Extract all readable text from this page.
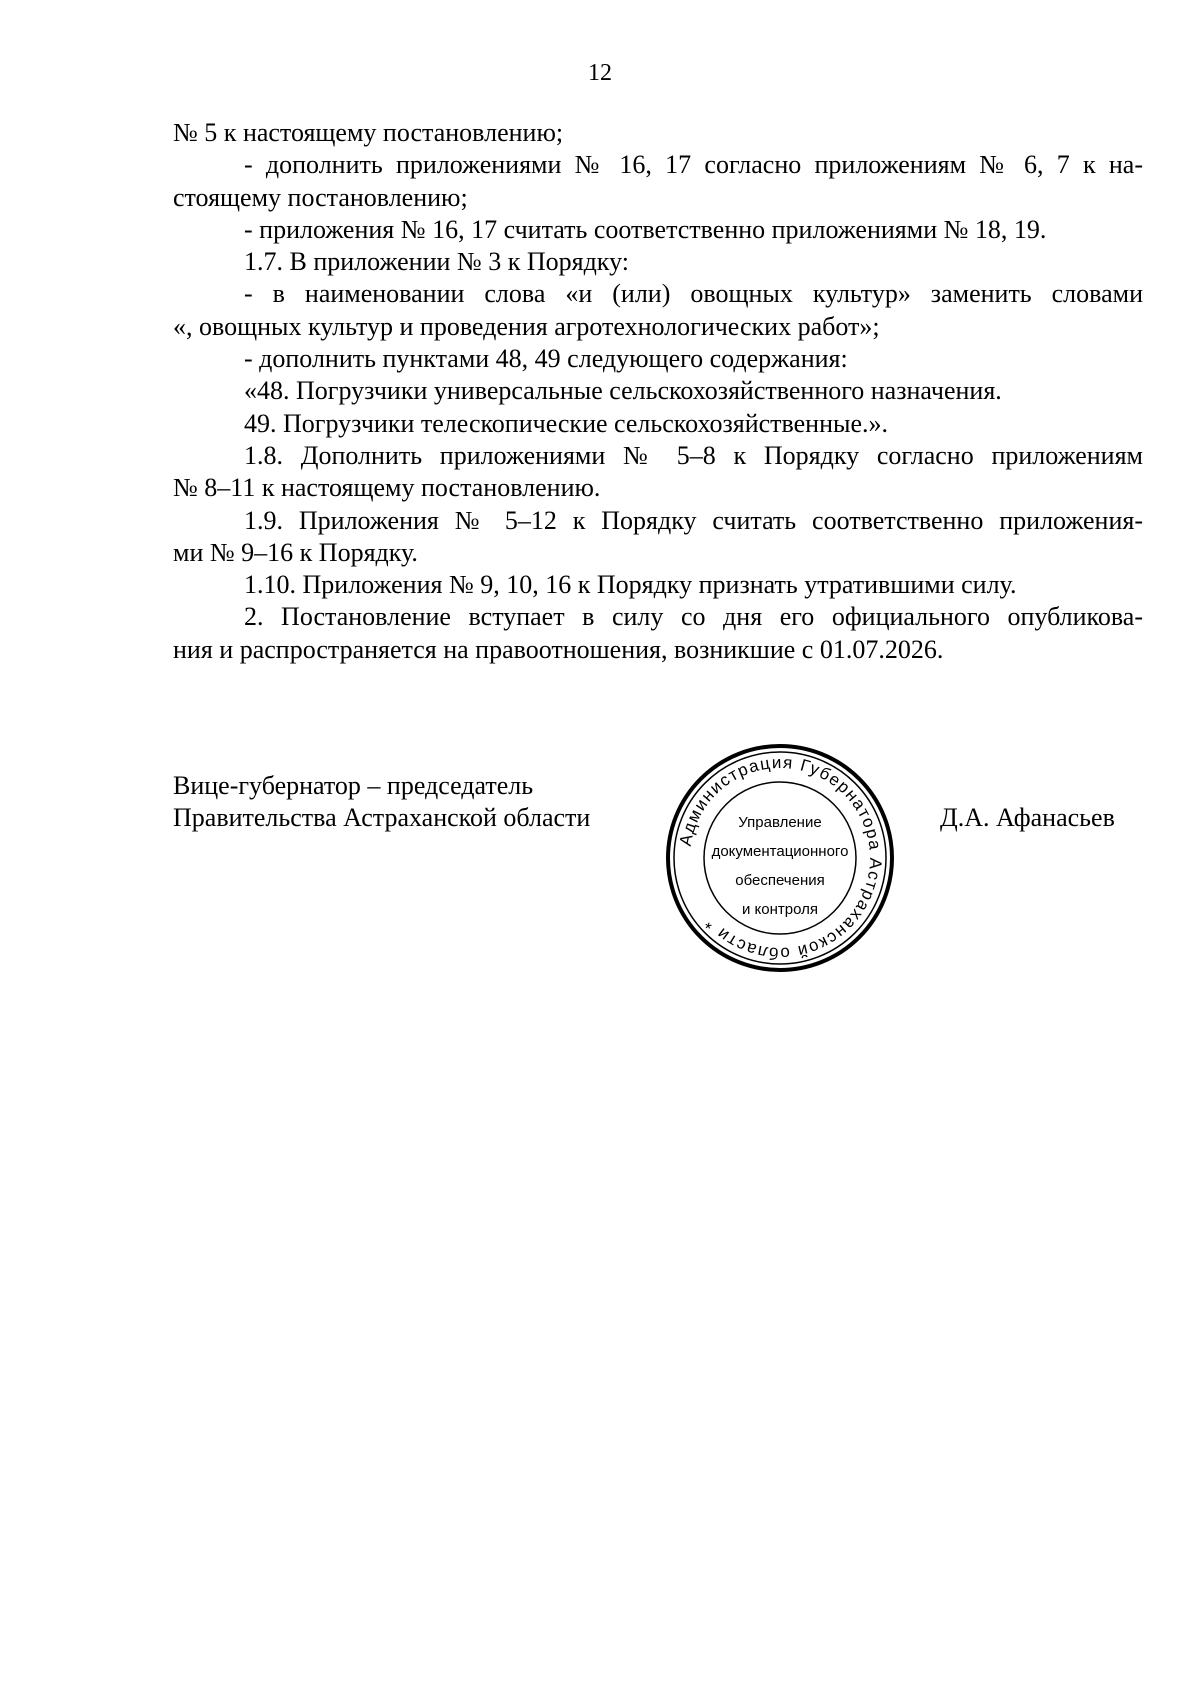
12
№ 5 к настоящему постановлению;
- дополнить приложениями № 16, 17 согласно приложениям № 6, 7 к на-
стоящему постановлению;
- приложения № 16, 17 считать соответственно приложениями № 18, 19.
1.7. В приложении № 3 к Порядку:
- в наименовании слова «и (или) овощных культур» заменить словами
«, овощных культур и проведения агротехнологических работ»;
- дополнить пунктами 48, 49 следующего содержания:
«48. Погрузчики универсальные сельскохозяйственного назначения.
49. Погрузчики телескопические сельскохозяйственные.».
1.8. Дополнить приложениями № 5–8 к Порядку согласно приложениям
№ 8–11 к настоящему постановлению.
1.9. Приложения № 5–12 к Порядку считать соответственно приложения-
ми № 9–16 к Порядку.
1.10. Приложения № 9, 10, 16 к Порядку признать утратившими силу.
2. Постановление вступает в силу со дня его официального опубликова-
ния и распространяется на правоотношения, возникшие с 01.07.2026.
Вице-губернатор – председатель
Правительства Астраханской области
Администрация Губернатора Астраханской области *
Управление
документационного
обеспечения
и контроля
Д.А. Афанасьев
